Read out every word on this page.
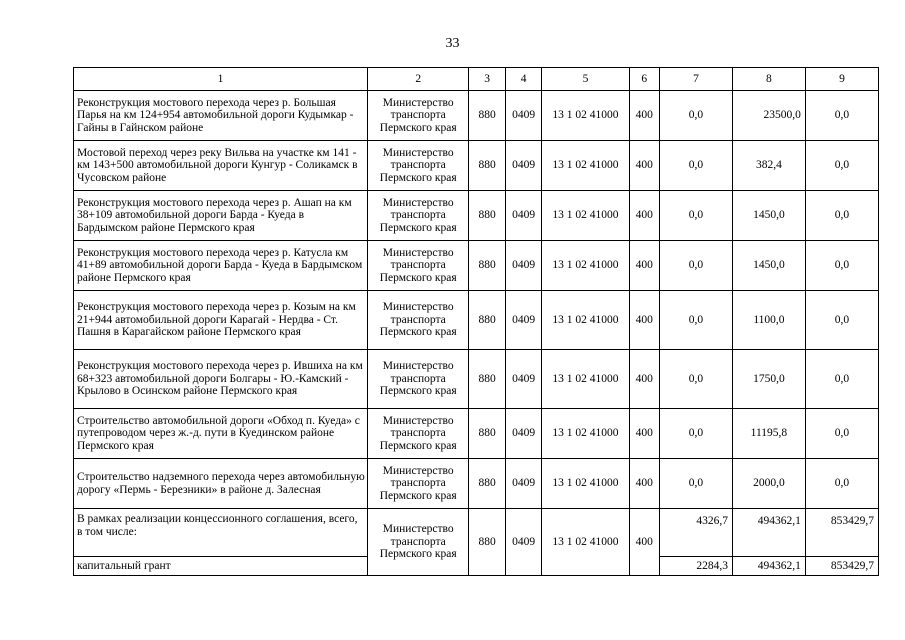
33
1	2	3	4	5	6	7	8	9
Реконструкция мостового перехода через р. Большая Парья на км 124+954 автомобильной дороги Кудымкар - Гайны в Гайнском районе	Министерство транспорта Пермского края	880	0409	13 1 02 41000	400	0,0	23500,0	0,0
Мостовой переход через реку Вильва на участке км 141 - км 143+500 автомобильной дороги Кунгур - Соликамск в Чусовском районе	Министерство транспорта Пермского края	880	0409	13 1 02 41000	400	0,0	382,4	0,0
Реконструкция мостового перехода через р. Ашап на км 38+109 автомобильной дороги Барда - Куеда в Бардымском районе Пермского края	Министерство транспорта Пермского края	880	0409	13 1 02 41000	400	0,0	1450,0	0,0
Реконструкция мостового перехода через р. Катусла км 41+89 автомобильной дороги Барда - Куеда в Бардымском районе Пермского края	Министерство транспорта Пермского края	880	0409	13 1 02 41000	400	0,0	1450,0	0,0
Реконструкция мостового перехода через р. Козым на км 21+944 автомобильной дороги Карагай - Нердва - Ст. Пашня в Карагайском районе Пермского края	Министерство транспорта Пермского края	880	0409	13 1 02 41000	400	0,0	1100,0	0,0
Реконструкция мостового перехода через р. Ившиха на км 68+323 автомобильной дороги Болгары - Ю.-Камский - Крылово в Осинском районе Пермского края	Министерство транспорта Пермского края	880	0409	13 1 02 41000	400	0,0	1750,0	0,0
Строительство автомобильной дороги «Обход п. Куеда» с путепроводом через ж.-д. пути в Куединском районе Пермского края	Министерство транспорта Пермского края	880	0409	13 1 02 41000	400	0,0	11195,8	0,0
Строительство надземного перехода через автомобильную дорогу «Пермь - Березники» в районе д. Залесная	Министерство транспорта Пермского края	880	0409	13 1 02 41000	400	0,0	2000,0	0,0
В рамках реализации концессионного соглашения, всего, в том числе:	Министерство транспорта Пермского края	880	0409	13 1 02 41000	400	4326,7	494362,1	853429,7
капитальный грант						2284,3	494362,1	853429,7
